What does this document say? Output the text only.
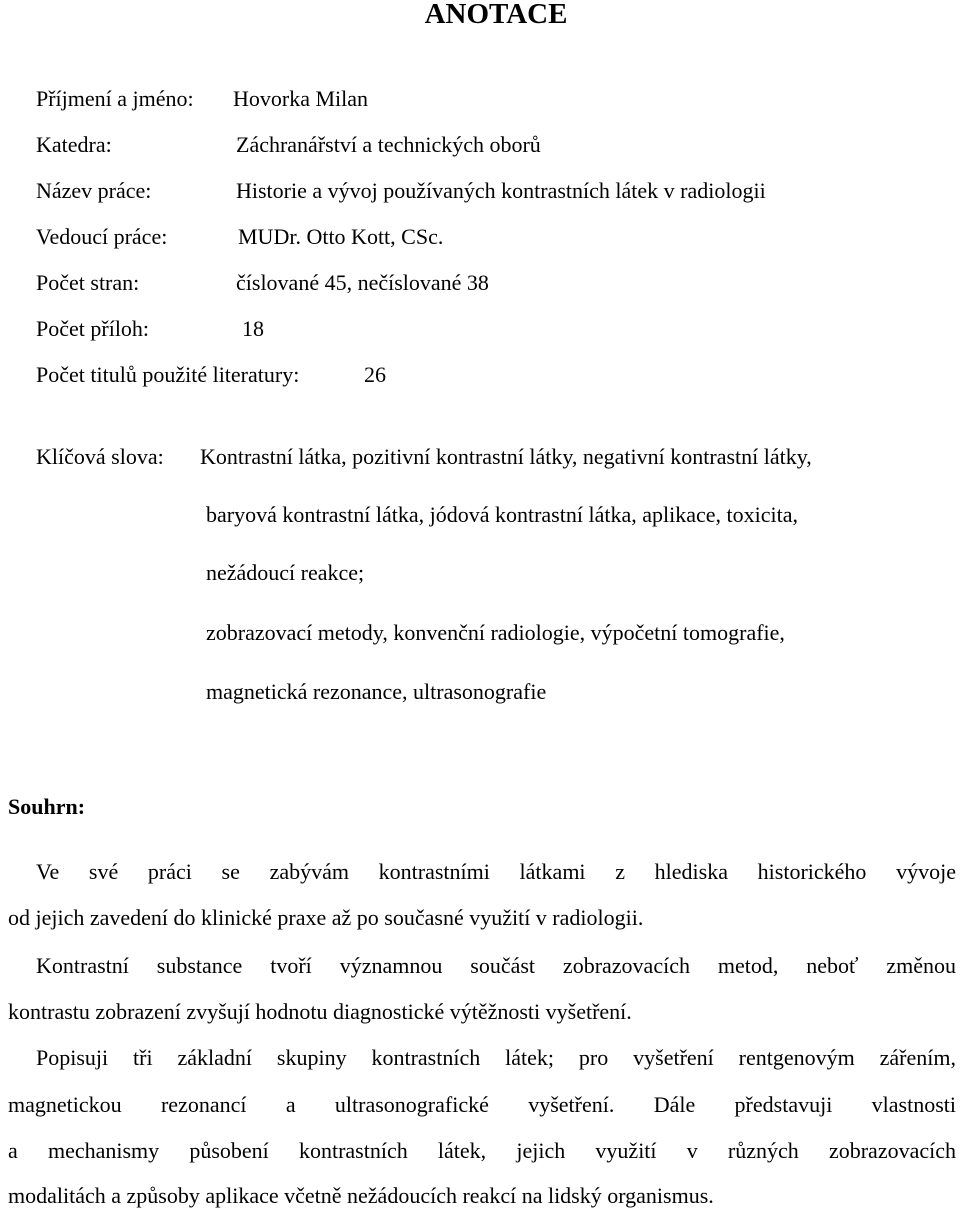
ANOTACE
Příjmení a jméno: Hovorka Milan
Katedra:	Záchranářství a technických oborů
Název práce:	Historie a vývoj používaných kontrastních látek v radiologii
Vedoucí práce:	MUDr. Otto Kott, CSc.
Počet stran:	číslované 45, nečíslované 38
Počet příloh:	18
Počet titulů použité literatury:	26
Klíčová slova: Kontrastní látka, pozitivní kontrastní látky, negativní kontrastní látky,
baryová kontrastní látka, jódová kontrastní látka, aplikace, toxicita,
nežádoucí reakce;
zobrazovací metody, konvenční radiologie, výpočetní tomografie,
magnetická rezonance, ultrasonografie
Souhrn:
Ve své práci se zabývám kontrastními látkami z hlediska historického vývoje
od jejich zavedení do klinické praxe až po současné využití v radiologii.
Kontrastní substance tvoří významnou součást zobrazovacích metod, neboť změnou
kontrastu zobrazení zvyšují hodnotu diagnostické výtěžnosti vyšetření.
Popisuji tři základní skupiny kontrastních látek; pro vyšetření rentgenovým zářením,
magnetickou rezonancí a ultrasonografické vyšetření. Dále představuji vlastnosti
a mechanismy působení kontrastních látek, jejich využití v různých zobrazovacích
modalitách a způsoby aplikace včetně nežádoucích reakcí na lidský organismus.
